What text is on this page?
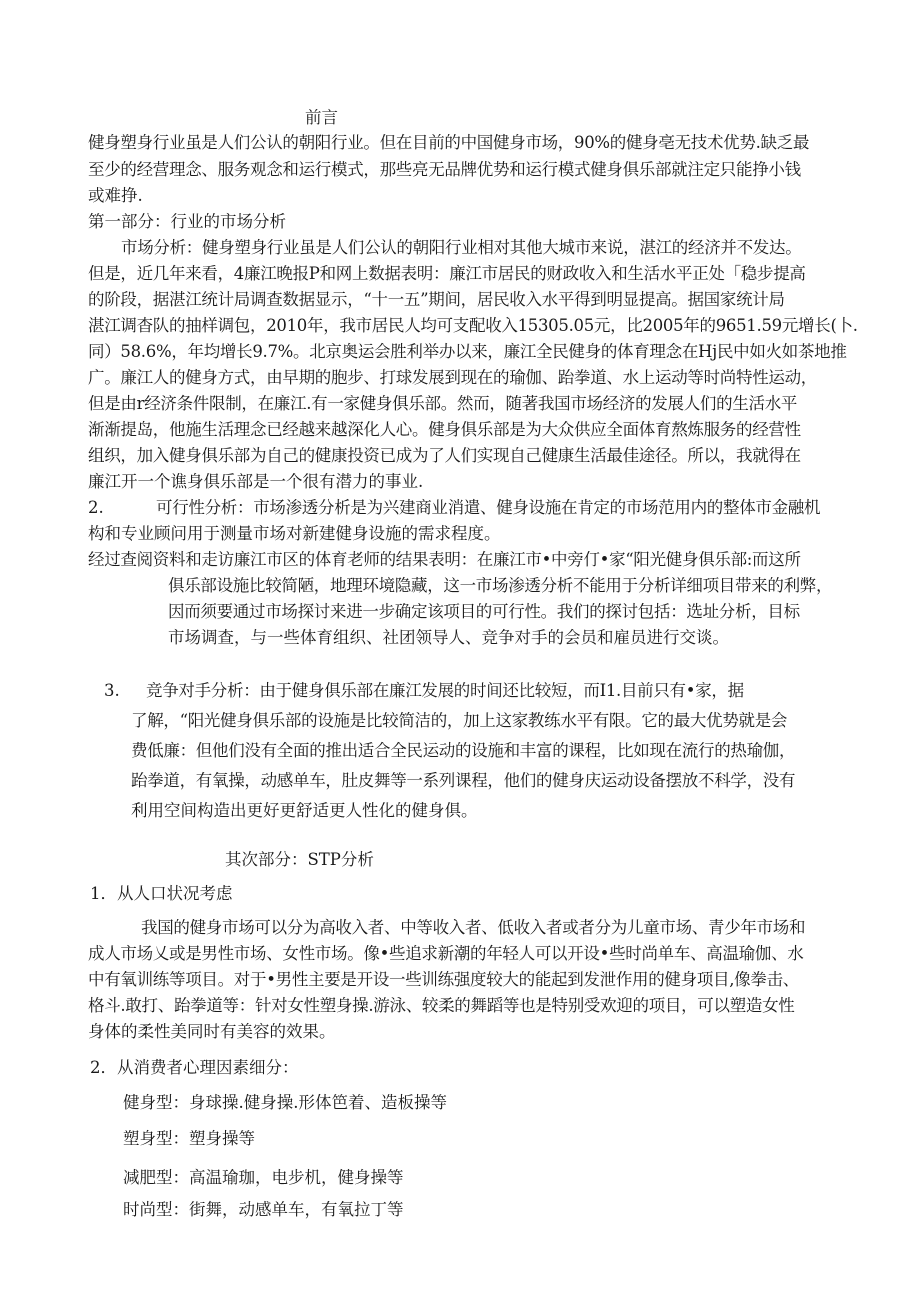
前言

健身塑身行业虽是人们公认的朝阳行业。但在目前的中国健身市场，90%的健身亳无技术优势.缺乏最

至少的经营理念、服务观念和运行模式，那些亮无品牌优势和运行模式健身俱乐部就注定只能挣小钱

或难挣.

第一部分：行业的市场分析

市场分析：健身塑身行业虽是人们公认的朝阳行业相对其他大城市来说，湛江的经济并不发达。

但是，近几年来看，4廉江晚报P和网上数据表明：廉江市居民的财政收入和生活水平正处「稳步提高

的阶段，据湛江统计局调查数据显示，“十一五”期间，居民收入水平得到明显提高。据国家统计局

湛江调杳队的抽样调包，2010年，我市居民人均可支配收入15305.05元，比2005年的9651.59元增长(卜.

同）58.6%，年均增长9.7%。北京奥运会胜利举办以来，廉江全民健身的体育理念在Hj民中如火如茶地推

广。廉江人的健身方式，由早期的胞步、打球发展到现在的瑜伽、跆拳道、水上运动等时尚特性运动，

但是由r经济条件限制，在廉江.有一家健身俱乐部。然而，随著我国市场经济的发展人们的生活水平

渐渐提岛，他施生活理念已经越来越深化人心。健身俱乐部是为大众供应全面体育熬炼服务的经营性

组织，加入健身俱乐部为自己的健康投资已成为了人们实现自己健康生活最佳途径。所以，我就得在

廉江开一个谯身俱乐部是一个很有潜力的事业.

2.	可行性分析：市场渗透分析是为兴建商业消遣、健身设施在肯定的市场范用内的整体市金融机

构和专业顾问用于测量市场对新建健身设施的需求程度。

经过查阅资料和走访廉江市区的体育老师的结果表明：在廉江市•中旁仃•家“阳光健身俱乐部:而这所

俱乐部设施比较简陋，地理环境隐藏，这一市场渗透分析不能用于分析详细项目带来的利弊，

因而须要通过市场探讨来进一步确定该项目的可行性。我们的探讨包括：选址分析，目标

市场调查，与一些体育组织、社团领导人、竞争对手的会员和雇员进行交谈。

3. 竞争对手分析：由于健身俱乐部在廉江发展的时间还比较短，而I1.目前只有•家，据

了解，“阳光健身俱乐部的设施是比较简洁的，加上这家教练水平有限。它的最大优势就是会

费低廉：但他们没有全面的推出适合全民运动的设施和丰富的课程，比如现在流行的热瑜伽，

跆拳道，有氧操，动感单车，肚皮舞等一系列课程，他们的健身庆运动设备摆放不科学，没有

利用空间构造出更好更舒适更人性化的健身俱。

其次部分：STP分析

1．从人口状况考虑

我国的健身市场可以分为高收入者、中等收入者、低收入者或者分为儿童市场、青少年市场和

成人市场乂或是男性市场、女性市场。像•些追求新潮的年轻人可以开设•些时尚单车、高温瑜伽、水

中有氧训练等项目。对于•男性主要是开设一些训练强度较大的能起到发泄作用的健身项目,像拳击、

格斗.敢打、跆拳道等：针对女性塑身操.游泳、较柔的舞蹈等也是特别受欢迎的项目，可以塑造女性

身体的柔性美同时有美容的效果。

2．从消费者心理因素细分：

健身型：身球操.健身操.形体笆着、造板操等

塑身型：塑身操等

减肥型：高温瑜珈，电步机，健身操等

时尚型：街舞，动感单车，有氧拉丁等
